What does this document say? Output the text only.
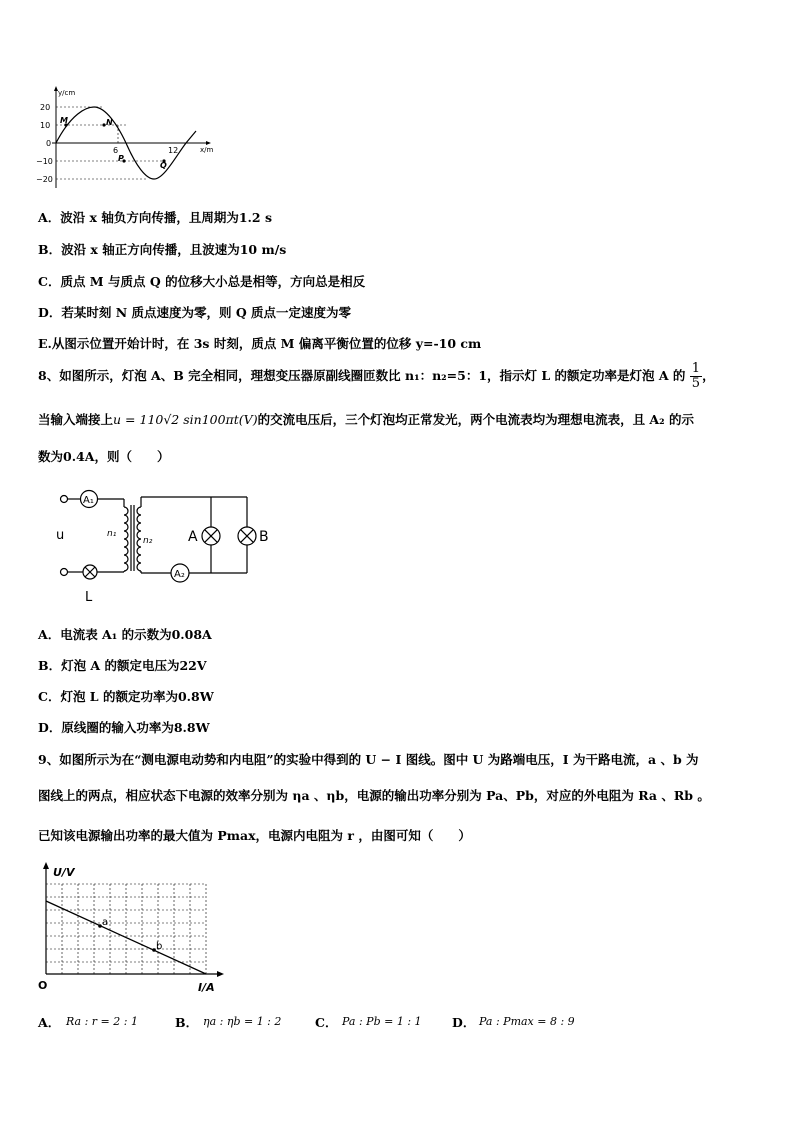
y/cm
x/m
20
10
0
−10
−20
6	12
M	N
P
Q
A．波沿 x 轴负方向传播，且周期为1.2 s
B．波沿 x 轴正方向传播，且波速为10 m/s
C．质点 M 与质点 Q 的位移大小总是相等，方向总是相反
D．若某时刻 N 质点速度为零，则 Q 质点一定速度为零
E.从图示位置开始计时，在 3s 时刻，质点 M 偏离平衡位置的位移 y=-10 cm
8、如图所示，灯泡 A、B 完全相同，理想变压器原副线圈匝数比 n₁：n₂=5：1，指示灯 L 的额定功率是灯泡 A 的 $\frac{1}{5}$ ，
当输入端接上u = 110√2 sin100πt(V)的交流电压后，三个灯泡均正常发光，两个电流表均为理想电流表，且 A₂ 的示
数为0.4A，则（　　）
A₁
A₂
u	n₁
n₂	A	B
L
A．电流表 A₁ 的示数为0.08A
B．灯泡 A 的额定电压为22V
C．灯泡 L 的额定功率为0.8W
D．原线圈的输入功率为8.8W
9、如图所示为在“测电源电动势和内电阻”的实验中得到的 U − I 图线。图中 U 为路端电压，I 为干路电流，a 、b 为
图线上的两点，相应状态下电源的效率分别为 ηa 、ηb，电源的输出功率分别为 Pa、Pb，对应的外电阻为 Ra 、Rb 。
已知该电源输出功率的最大值为 Pmax，电源内电阻为 r ，由图可知（　　）
a
b
U/V
I/A
O
A． Ra : r = 2 : 1	B． ηa : ηb = 1 : 2	C． Pa : Pb = 1 : 1 D． Pa : Pmax = 8 : 9
